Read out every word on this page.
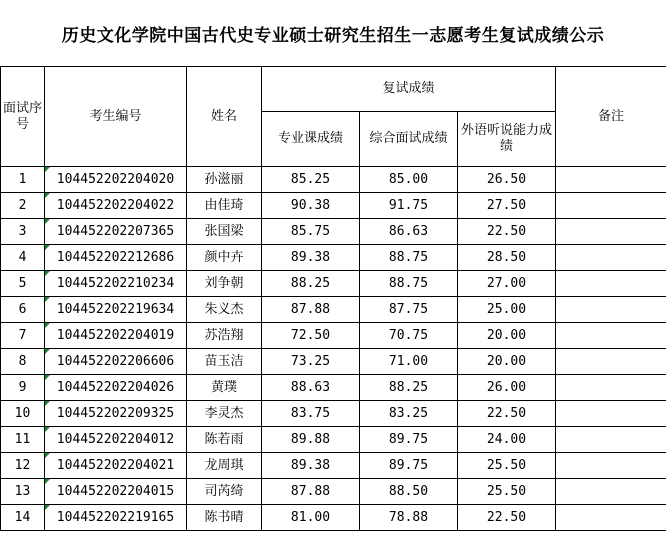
历史文化学院中国古代史专业硕士研究生招生一志愿考生复试成绩公示
面试序号	考生编号	姓名	复试成绩			备注
			专业课成绩	综合面试成绩	外语听说能力成绩	
1	104452202204020	孙滋丽	85.25	85.00	26.50	
2	104452202204022	由佳琦	90.38	91.75	27.50	
3	104452202207365	张国梁	85.75	86.63	22.50	
4	104452202212686	颜中卉	89.38	88.75	28.50	
5	104452202210234	刘争朝	88.25	88.75	27.00	
6	104452202219634	朱义杰	87.88	87.75	25.00	
7	104452202204019	苏浩翔	72.50	70.75	20.00	
8	104452202206606	苗玉洁	73.25	71.00	20.00	
9	104452202204026	黄璞	88.63	88.25	26.00	
10	104452202209325	李灵杰	83.75	83.25	22.50	
11	104452202204012	陈若雨	89.88	89.75	24.00	
12	104452202204021	龙周琪	89.38	89.75	25.50	
13	104452202204015	司芮绮	87.88	88.50	25.50	
14	104452202219165	陈书晴	81.00	78.88	22.50	
